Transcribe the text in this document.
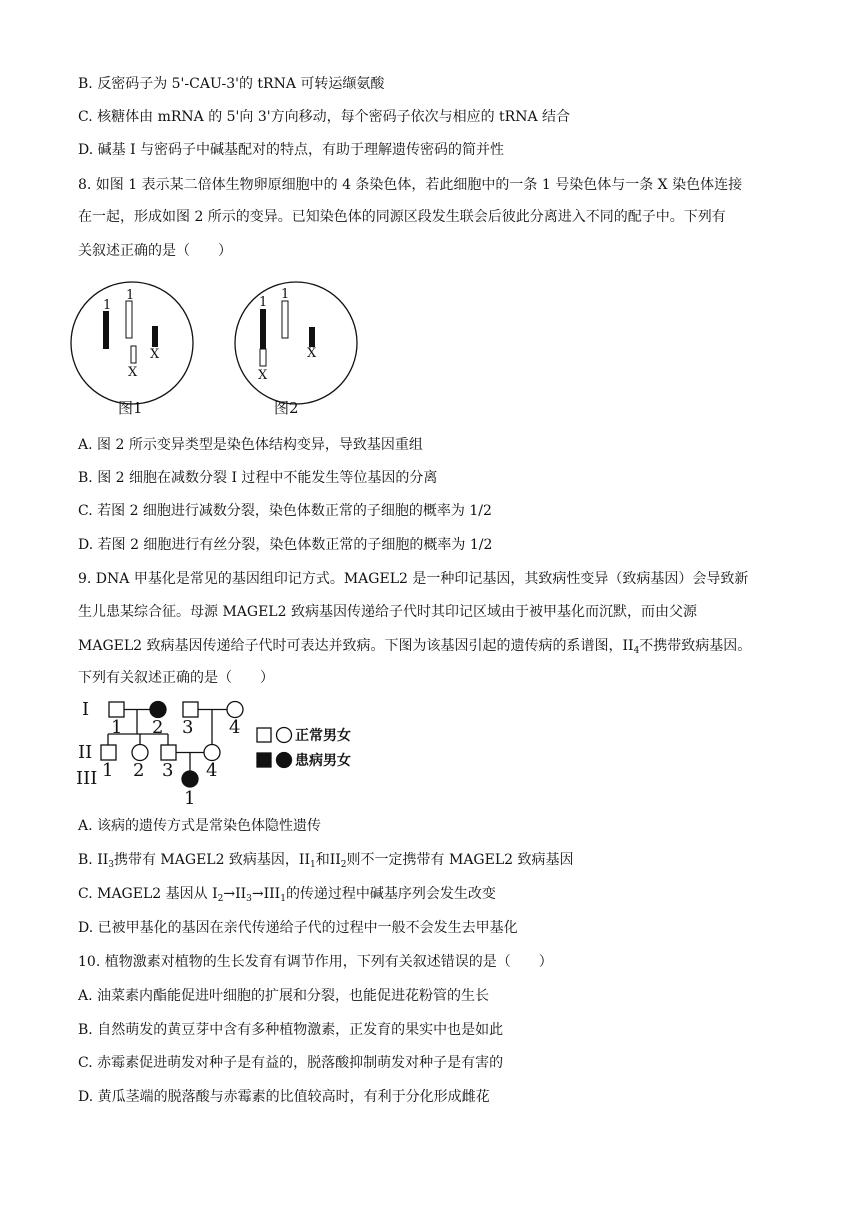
B. 反密码子为 5'-CAU-3'的 tRNA 可转运缬氨酸
C. 核糖体由 mRNA 的 5'向 3'方向移动，每个密码子依次与相应的 tRNA 结合
D. 碱基 I 与密码子中碱基配对的特点，有助于理解遗传密码的简并性
8. 如图 1 表示某二倍体生物卵原细胞中的 4 条染色体，若此细胞中的一条 1 号染色体与一条 X 染色体连接
在一起，形成如图 2 所示的变异。已知染色体的同源区段发生联会后彼此分离进入不同的配子中。下列有
关叙述正确的是（　　）
1
1
X
X
图1
1
X
1
X
图2
A. 图 2 所示变异类型是染色体结构变异，导致基因重组
B. 图 2 细胞在减数分裂 I 过程中不能发生等位基因的分离
C. 若图 2 细胞进行减数分裂，染色体数正常的子细胞的概率为 1/2
D. 若图 2 细胞进行有丝分裂，染色体数正常的子细胞的概率为 1/2
9. DNA 甲基化是常见的基因组印记方式。MAGEL2 是一种印记基因，其致病性变异（致病基因）会导致新
生儿患某综合征。母源 MAGEL2 致病基因传递给子代时其印记区域由于被甲基化而沉默，而由父源
MAGEL2 致病基因传递给子代时可表达并致病。下图为该基因引起的遗传病的系谱图，$II_4$不携带致病基因。
下列有关叙述正确的是（　　）
I
II
III
1 2 3 4
1 2 3 4
1
正常男女
患病男女
A. 该病的遗传方式是常染色体隐性遗传
B. $II_3$携带有 MAGEL2 致病基因，$II_1$和$II_2$则不一定携带有 MAGEL2 致病基因
C. MAGEL2 基因从 $I_2\to II_3\to III_1$的传递过程中碱基序列会发生改变
D. 已被甲基化的基因在亲代传递给子代的过程中一般不会发生去甲基化
10. 植物激素对植物的生长发育有调节作用，下列有关叙述错误的是（　　）
A. 油菜素内酯能促进叶细胞的扩展和分裂，也能促进花粉管的生长
B. 自然萌发的黄豆芽中含有多种植物激素，正发育的果实中也是如此
C. 赤霉素促进萌发对种子是有益的，脱落酸抑制萌发对种子是有害的
D. 黄瓜茎端的脱落酸与赤霉素的比值较高时，有利于分化形成雌花
